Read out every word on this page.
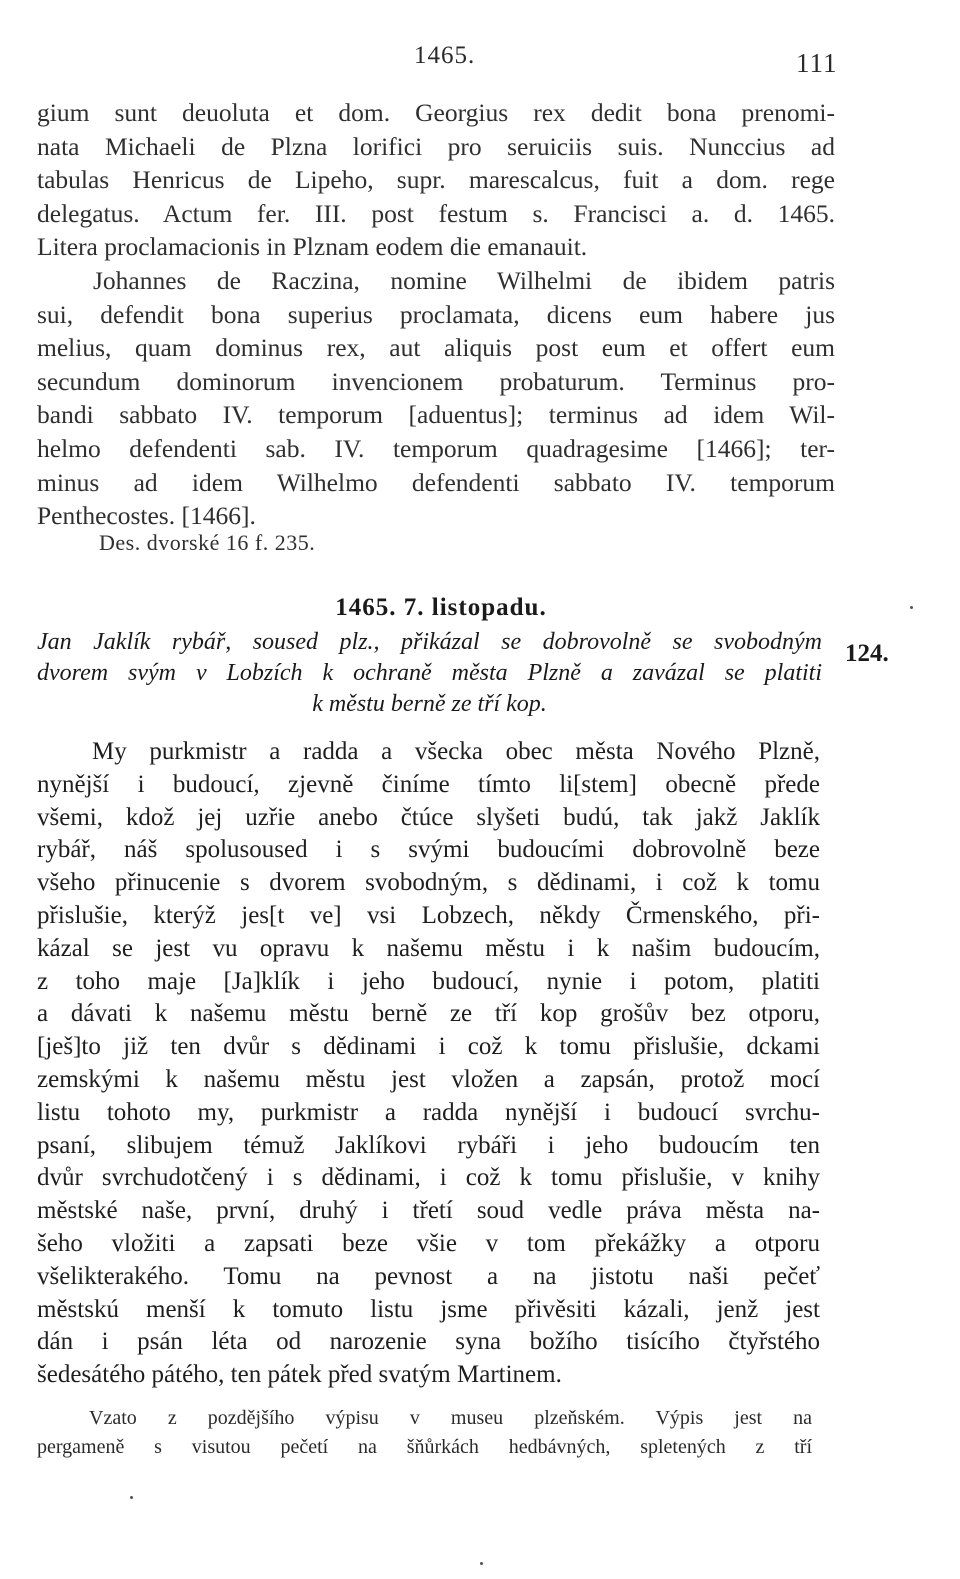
1465.	111
gium sunt deuoluta et dom. Georgius rex dedit bona prenomi-
nata Michaeli de Plzna lorifici pro seruiciis suis. Nunccius ad
tabulas Henricus de Lipeho, supr. marescalcus, fuit a dom. rege
delegatus. Actum fer. III. post festum s. Francisci a. d. 1465.
Litera proclamacionis in Plznam eodem die emanauit.
Johannes de Raczina, nomine Wilhelmi de ibidem patris
sui, defendit bona superius proclamata, dicens eum habere jus
melius, quam dominus rex, aut aliquis post eum et offert eum
secundum dominorum invencionem probaturum. Terminus pro-
bandi sabbato IV. temporum [aduentus]; terminus ad idem Wil-
helmo defendenti sab. IV. temporum quadragesime [1466]; ter-
minus ad idem Wilhelmo defendenti sabbato IV. temporum
Penthecostes. [1466].
Des. dvorské 16 f. 235.
1465. 7. listopadu.
Jan Jaklík rybář, soused plz., přikázal se dobrovolně se svobodným
dvorem svým v Lobzích k ochraně města Plzně a zavázal se platiti
k městu berně ze tří kop.
124.
My purkmistr a radda a všecka obec města Nového Plzně,
nynější i budoucí, zjevně činíme tímto li[stem] obecně přede
všemi, kdož jej uzřie anebo čtúce slyšeti budú, tak jakž Jaklík
rybář, náš spolusoused i s svými budoucími dobrovolně beze
všeho přinucenie s dvorem svobodným, s dědinami, i což k tomu
přislušie, kterýž jes[t ve] vsi Lobzech, někdy Črmenského, při-
kázal se jest vu opravu k našemu městu i k našim budoucím,
z toho maje [Ja]klík i jeho budoucí, nynie i potom, platiti
a dávati k našemu městu berně ze tří kop grošův bez otporu,
[ješ]to již ten dvůr s dědinami i což k tomu přislušie, dckami
zemskými k našemu městu jest vložen a zapsán, protož mocí
listu tohoto my, purkmistr a radda nynější i budoucí svrchu-
psaní, slibujem témuž Jaklíkovi rybáři i jeho budoucím ten
dvůr svrchudotčený i s dědinami, i což k tomu přislušie, v knihy
městské naše, první, druhý i třetí soud vedle práva města na-
šeho vložiti a zapsati beze všie v tom překážky a otporu
všelikterakého. Tomu na pevnost a na jistotu naši pečeť
městskú menší k tomuto listu jsme přivěsiti kázali, jenž jest
dán i psán léta od narozenie syna božího tisícího čtyřstého
šedesátého pátého, ten pátek před svatým Martinem.
Vzato z pozdějšího výpisu v museu plzeňském. Výpis jest na
pergameně s visutou pečetí na šňůrkách hedbávných, spletených z tří
